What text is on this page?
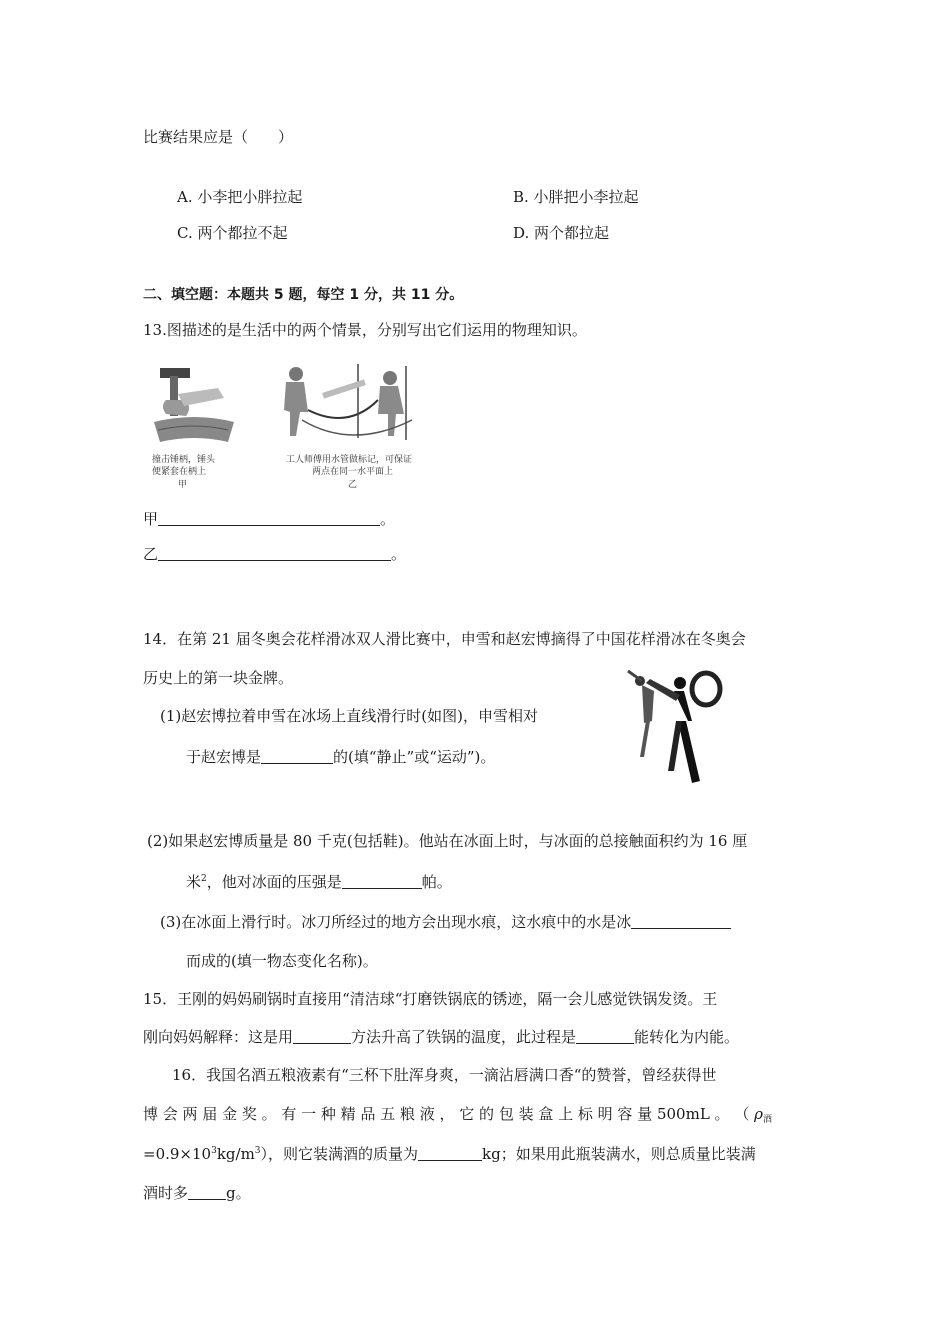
比赛结果应是（　　）
A. 小李把小胖拉起	B. 小胖把小李拉起
C. 两个都拉不起	D. 两个都拉起
二、填空题：本题共 5 题，每空 1 分，共 11 分。
13.图描述的是生活中的两个情景，分别写出它们运用的物理知识。
撞击锤柄，锤头
便紧套在柄上
甲
工人师傅用水管做标记，可保证
两点在同一水平面上
乙
甲	。
乙	。
14．在第 21 届冬奥会花样滑冰双人滑比赛中，申雪和赵宏博摘得了中国花样滑冰在冬奥会
历史上的第一块金牌。
(1)赵宏博拉着申雪在冰场上直线滑行时(如图)，申雪相对
于赵宏博是	的(填“静止”或“运动”)。
(2)如果赵宏博质量是 80 千克(包括鞋)。他站在冰面上时，与冰面的总接触面积约为 16 厘
米$^2$，他对冰面的压强是	帕。
(3)在冰面上滑行时。冰刀所经过的地方会出现水痕，这水痕中的水是冰
而成的(填一物态变化名称)。
15．王刚的妈妈刷锅时直接用“清洁球“打磨铁锅底的锈迹，隔一会儿感觉铁锅发烫。王
刚向妈妈解释：这是用	方法升高了铁锅的温度，此过程是	能转化为内能。
16．我国名酒五粮液素有“三杯下肚浑身爽，一滴沾唇满口香“的赞誉，曾经获得世
博 会 两 届 金 奖 。 有 一 种 精 品 五 粮 液 ， 它 的 包 装 盒 上 标 明 容 量 500mL 。 （ $\rho_酒$
$=0.9\times 10^3kg/m^3$），则它装满酒的质量为	kg；如果用此瓶装满水，则总质量比装满
酒时多	g。
